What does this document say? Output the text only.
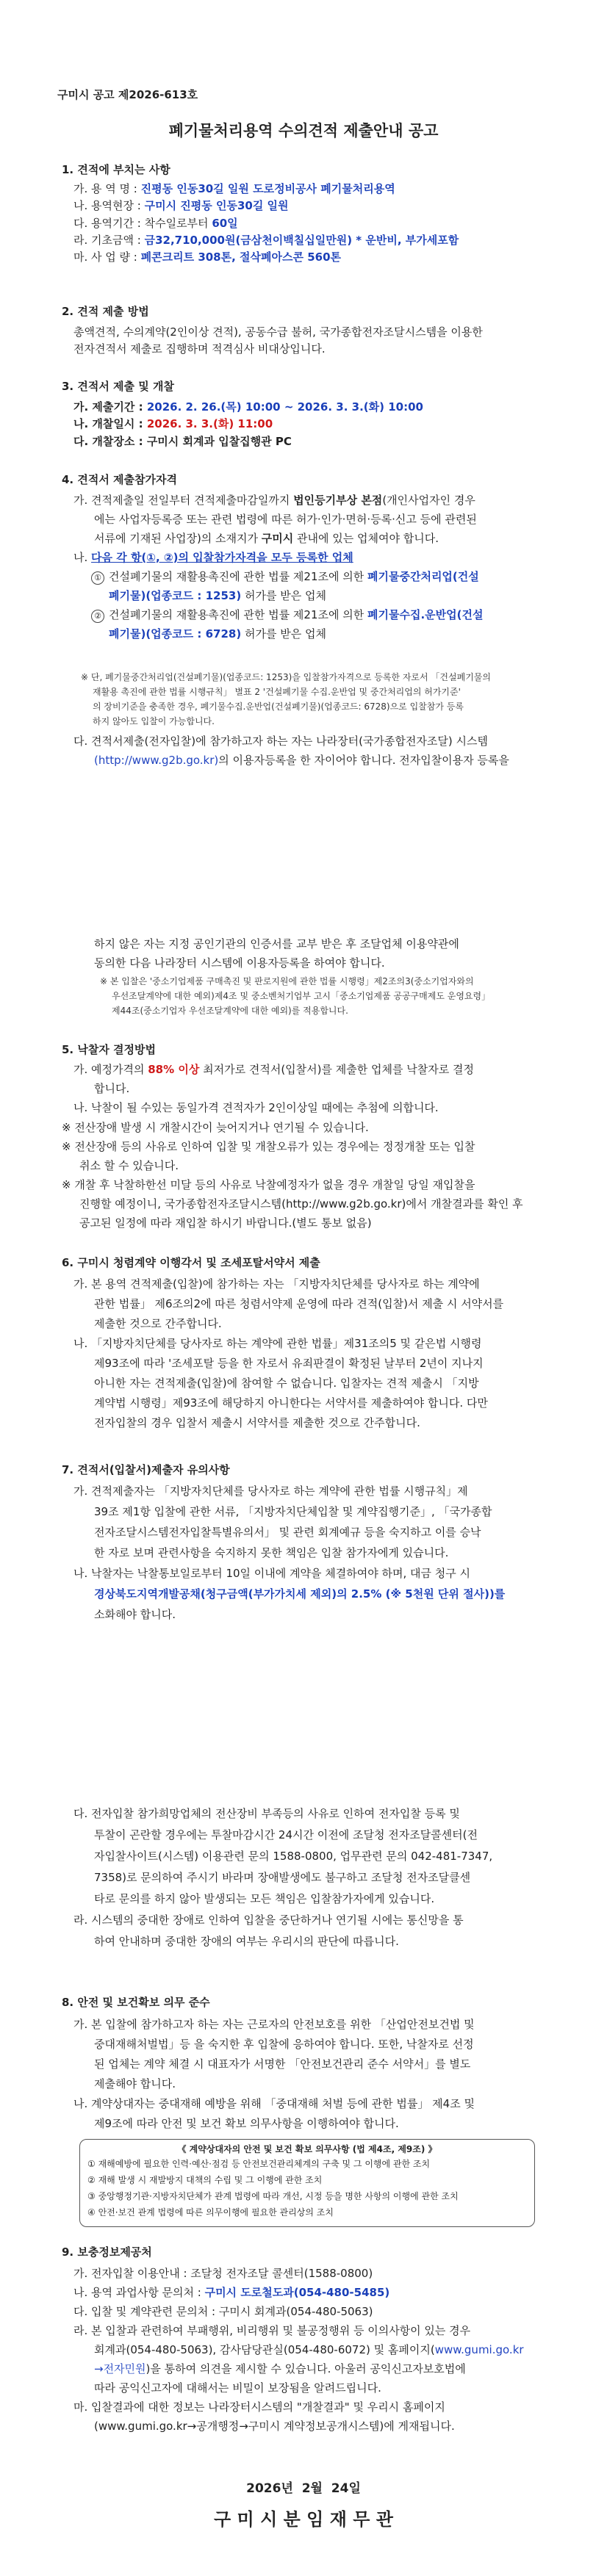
구미시 공고 제2026-613호
폐기물처리용역 수의견적 제출안내 공고
1. 견적에 부치는 사항
가. 용 역 명 : 진평동 인동30길 일원 도로정비공사 폐기물처리용역
나. 용역현장 : 구미시 진평동 인동30길 일원
다. 용역기간 : 착수일로부터 60일
라. 기초금액 : 금32,710,000원(금삼천이백칠십일만원) * 운반비, 부가세포함
마. 사 업 량 : 폐콘크리트 308톤, 절삭폐아스콘 560톤
2. 견적 제출 방법
총액견적, 수의계약(2인이상 견적), 공동수급 불허, 국가종합전자조달시스템을 이용한
전자견적서 제출로 집행하며 적격심사 비대상입니다.
3. 견적서 제출 및 개찰
가. 제출기간 : 2026. 2. 26.(목) 10:00 ~ 2026. 3. 3.(화) 10:00
나. 개찰일시 : 2026. 3. 3.(화) 11:00
다. 개찰장소 : 구미시 회계과 입찰집행관 PC
4. 견적서 제출참가자격
가. 견적제출일 전일부터 견적제출마감일까지 법인등기부상 본점(개인사업자인 경우
에는 사업자등록증 또는 관련 법령에 따른 허가·인가·면허·등록·신고 등에 관련된
서류에 기재된 사업장)의 소재지가 구미시 관내에 있는 업체여야 합니다.
나. 다음 각 항(①, ②)의 입찰참가자격을 모두 등록한 업체
① 건설폐기물의 재활용촉진에 관한 법률 제21조에 의한 폐기물중간처리업(건설
폐기물)(업종코드 : 1253) 허가를 받은 업체
② 건설폐기물의 재활용촉진에 관한 법률 제21조에 의한 폐기물수집.운반업(건설
폐기물)(업종코드 : 6728) 허가를 받은 업체
※ 단, 폐기물중간처리업(건설폐기물)(업종코드: 1253)을 입찰참가자격으로 등록한 자로서 「건설폐기물의
재활용 촉진에 관한 법률 시행규칙」 별표 2 '건설폐기물 수집.운반업 및 중간처리업의 허가기준'
의 장비기준을 충족한 경우, 폐기물수집.운반업(건설폐기물)(업종코드: 6728)으로 입찰참가 등록
하지 않아도 입찰이 가능합니다.
다. 견적서제출(전자입찰)에 참가하고자 하는 자는 나라장터(국가종합전자조달) 시스템
(http://www.g2b.go.kr)의 이용자등록을 한 자이어야 합니다. 전자입찰이용자 등록을
하지 않은 자는 지정 공인기관의 인증서를 교부 받은 후 조달업체 이용약관에
동의한 다음 나라장터 시스템에 이용자등록을 하여야 합니다.
※ 본 입찰은 '중소기업제품 구매촉진 및 판로지원에 관한 법률 시행령」제2조의3(중소기업자와의
우선조달계약에 대한 예외)제4조 및 중소벤처기업부 고시「중소기업제품 공공구매제도 운영요령」
제44조(중소기업자 우선조달계약에 대한 예외)를 적용합니다.
5. 낙찰자 결정방법
가. 예정가격의 88% 이상 최저가로 견적서(입찰서)를 제출한 업체를 낙찰자로 결정
합니다.
나. 낙찰이 될 수있는 동일가격 견적자가 2인이상일 때에는 추첨에 의합니다.
※ 전산장애 발생 시 개찰시간이 늦어지거나 연기될 수 있습니다.
※ 전산장애 등의 사유로 인하여 입찰 및 개찰오류가 있는 경우에는 정정개찰 또는 입찰
취소 할 수 있습니다.
※ 개찰 후 낙찰하한선 미달 등의 사유로 낙찰예정자가 없을 경우 개찰일 당일 재입찰을
진행할 예정이니, 국가종합전자조달시스템(http://www.g2b.go.kr)에서 개찰결과를 확인 후
공고된 일정에 따라 재입찰 하시기 바랍니다.(별도 통보 없음)
6. 구미시 청렴계약 이행각서 및 조세포탈서약서 제출
가. 본 용역 견적제출(입찰)에 참가하는 자는 「지방자치단체를 당사자로 하는 계약에
관한 법률」 제6조의2에 따른 청렴서약제 운영에 따라 견적(입찰)서 제출 시 서약서를
제출한 것으로 간주합니다.
나. 「지방자치단체를 당사자로 하는 계약에 관한 법률」제31조의5 및 같은법 시행령
제93조에 따라 '조세포탈 등을 한 자로서 유죄판결이 확정된 날부터 2년이 지나지
아니한 자는 견적제출(입찰)에 참여할 수 없습니다. 입찰자는 견적 제출시 「지방
계약법 시행령」제93조에 해당하지 아니한다는 서약서를 제출하여야 합니다. 다만
전자입찰의 경우 입찰서 제출시 서약서를 제출한 것으로 간주합니다.
7. 견적서(입찰서)제출자 유의사항
가. 견적제출자는 「지방자치단체를 당사자로 하는 계약에 관한 법률 시행규칙」제
39조 제1항 입찰에 관한 서류, 「지방자치단체입찰 및 계약집행기준」, 「국가종합
전자조달시스템전자입찰특별유의서」 및 관련 회계예규 등을 숙지하고 이를 승낙
한 자로 보며 관련사항을 숙지하지 못한 책임은 입찰 참가자에게 있습니다.
나. 낙찰자는 낙찰통보일로부터 10일 이내에 계약을 체결하여야 하며, 대금 청구 시
경상북도지역개발공채(청구금액(부가가치세 제외)의 2.5% (※ 5천원 단위 절사))를
소화해야 합니다.
다. 전자입찰 참가희망업체의 전산장비 부족등의 사유로 인하여 전자입찰 등록 및
투찰이 곤란할 경우에는 투찰마감시간 24시간 이전에 조달청 전자조달콜센터(전
자입찰사이트(시스템) 이용관련 문의 1588-0800, 업무관련 문의 042-481-7347,
7358)로 문의하여 주시기 바라며 장애발생에도 불구하고 조달청 전자조달클센
타로 문의를 하지 않아 발생되는 모든 책임은 입찰참가자에게 있습니다.
라. 시스템의 중대한 장애로 인하여 입찰을 중단하거나 연기될 시에는 통신망을 통
하여 안내하며 중대한 장애의 여부는 우리시의 판단에 따릅니다.
8. 안전 및 보건확보 의무 준수
가. 본 입찰에 참가하고자 하는 자는 근로자의 안전보호를 위한 「산업안전보건법 및
중대재해처벌법」등 을 숙지한 후 입찰에 응하여야 합니다. 또한, 낙찰자로 선정
된 업체는 계약 체결 시 대표자가 서명한 「안전보건관리 준수 서약서」를 별도
제출해야 합니다.
나. 계약상대자는 중대재해 예방을 위해 「중대재해 처벌 등에 관한 법률」 제4조 및
제9조에 따라 안전 및 보건 확보 의무사항을 이행하여야 합니다.
《 계약상대자의 안전 및 보건 확보 의무사항 (법 제4조, 제9조) 》
① 재해예방에 필요한 인력·예산·점검 등 안전보건관리체계의 구축 및 그 이행에 관한 조치
② 재해 발생 시 재발방지 대책의 수립 및 그 이행에 관한 조치
③ 중앙행정기관·지방자치단체가 관계 법령에 따라 개선, 시정 등을 명한 사항의 이행에 관한 조치
④ 안전·보건 관계 법령에 따른 의무이행에 필요한 관리상의 조치
9. 보충정보제공처
가. 전자입찰 이용안내 : 조달청 전자조달 콜센터(1588-0800)
나. 용역 과업사항 문의처 : 구미시 도로철도과(054-480-5485)
다. 입찰 및 계약관련 문의처 : 구미시 회계과(054-480-5063)
라. 본 입찰과 관련하여 부패행위, 비리행위 및 불공정행위 등 이의사항이 있는 경우
회계과(054-480-5063), 감사담당관실(054-480-6072) 및 홈페이지(www.gumi.go.kr
→전자민원)을 통하여 의견을 제시할 수 있습니다. 아울러 공익신고자보호법에
따라 공익신고자에 대해서는 비밀이 보장됨을 알려드립니다.
마. 입찰결과에 대한 정보는 나라장터시스템의 "개찰결과" 및 우리시 홈페이지
(www.gumi.go.kr→공개행정→구미시 계약정보공개시스템)에 게재됩니다.
2026년  2월  24일
구 미 시 분 임 재 무 관
